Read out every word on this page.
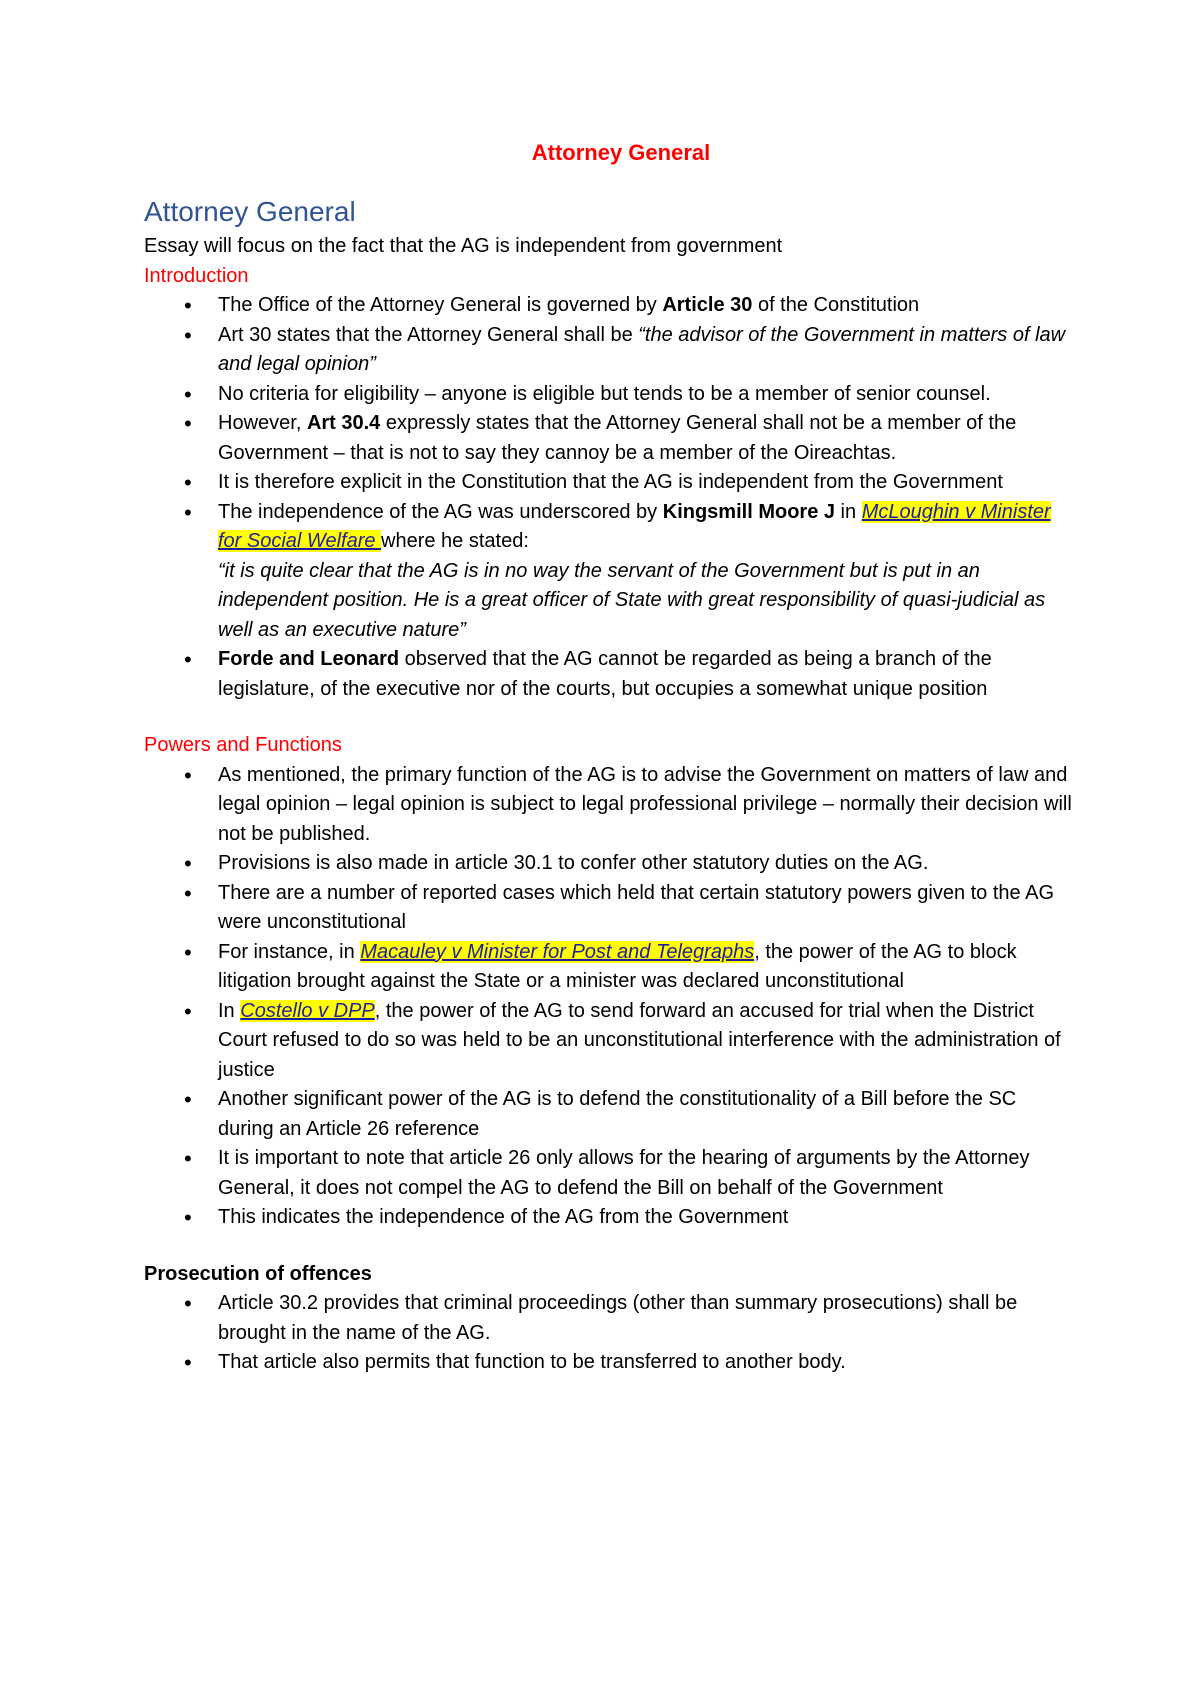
Attorney General
Attorney General

Essay will focus on the fact that the AG is independent from government

Introduction

• The Office of the Attorney General is governed by Article 30 of the Constitution
• Art 30 states that the Attorney General shall be “the advisor of the Government in matters of law and legal opinion”
• No criteria for eligibility – anyone is eligible but tends to be a member of senior counsel.
• However, Art 30.4 expressly states that the Attorney General shall not be a member of the Government – that is not to say they cannoy be a member of the Oireachtas.
• It is therefore explicit in the Constitution that the AG is independent from the Government
• The independence of the AG was underscored by Kingsmill Moore J in McLoughin v Minister for Social Welfare where he stated:
“it is quite clear that the AG is in no way the servant of the Government but is put in an independent position. He is a great officer of State with great responsibility of quasi-judicial as well as an executive nature”
• Forde and Leonard observed that the AG cannot be regarded as being a branch of the legislature, of the executive nor of the courts, but occupies a somewhat unique position

Powers and Functions

• As mentioned, the primary function of the AG is to advise the Government on matters of law and legal opinion – legal opinion is subject to legal professional privilege – normally their decision will not be published.
• Provisions is also made in article 30.1 to confer other statutory duties on the AG.
• There are a number of reported cases which held that certain statutory powers given to the AG were unconstitutional
• For instance, in Macauley v Minister for Post and Telegraphs, the power of the AG to block litigation brought against the State or a minister was declared unconstitutional
• In Costello v DPP, the power of the AG to send forward an accused for trial when the District Court refused to do so was held to be an unconstitutional interference with the administration of justice
• Another significant power of the AG is to defend the constitutionality of a Bill before the SC during an Article 26 reference
• It is important to note that article 26 only allows for the hearing of arguments by the Attorney General, it does not compel the AG to defend the Bill on behalf of the Government
• This indicates the independence of the AG from the Government

Prosecution of offences

• Article 30.2 provides that criminal proceedings (other than summary prosecutions) shall be brought in the name of the AG.
• That article also permits that function to be transferred to another body.
